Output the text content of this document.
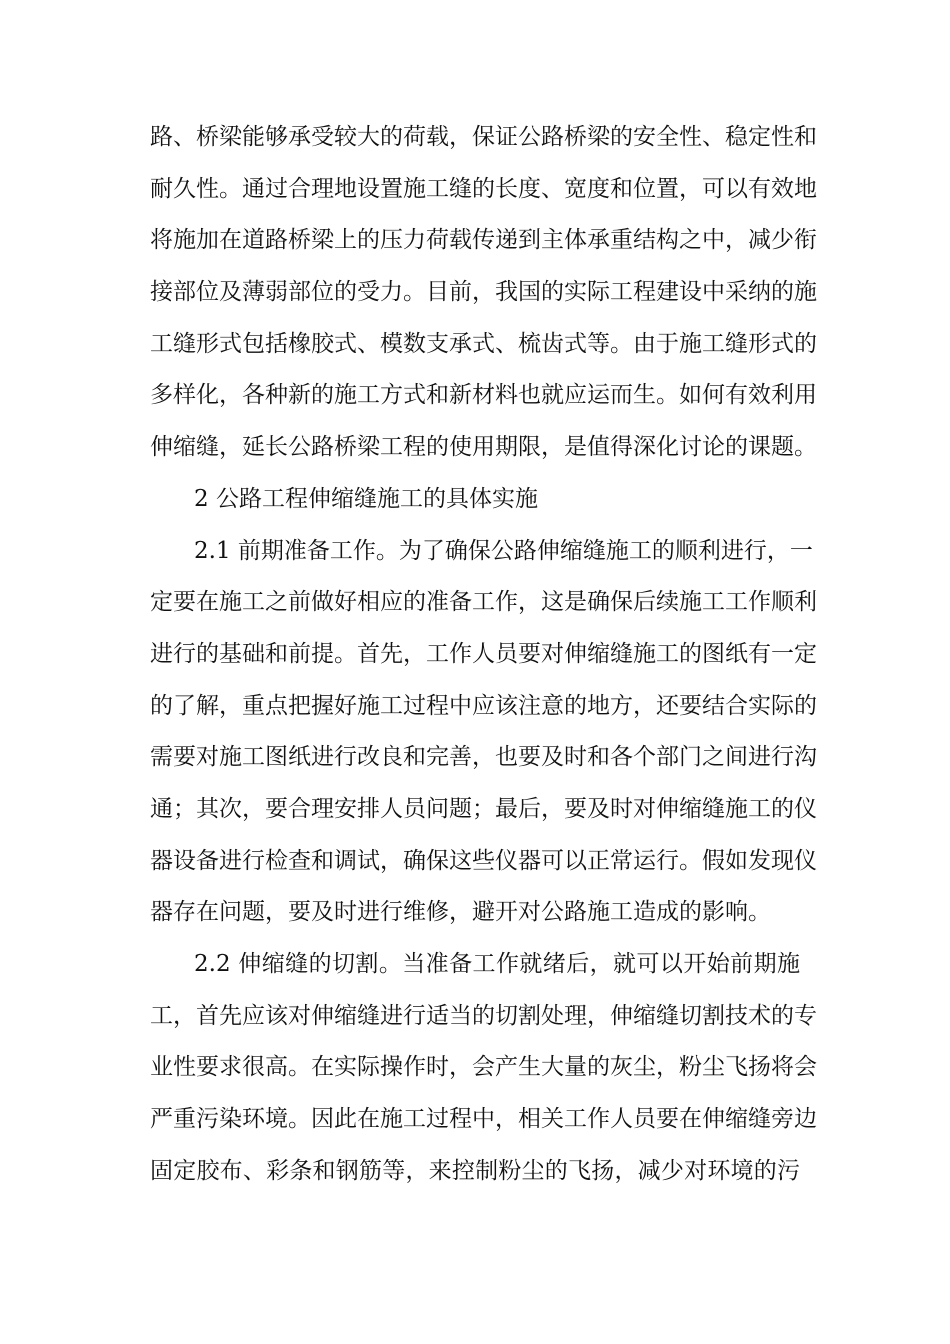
路、桥梁能够承受较大的荷载，保证公路桥梁的安全性、稳定性和
耐久性。通过合理地设置施工缝的长度、宽度和位置，可以有效地
将施加在道路桥梁上的压力荷载传递到主体承重结构之中，减少衔
接部位及薄弱部位的受力。目前，我国的实际工程建设中采纳的施
工缝形式包括橡胶式、模数支承式、梳齿式等。由于施工缝形式的
多样化，各种新的施工方式和新材料也就应运而生。如何有效利用
伸缩缝，延长公路桥梁工程的使用期限，是值得深化讨论的课题。
2 公路工程伸缩缝施工的具体实施
2.1 前期准备工作。为了确保公路伸缩缝施工的顺利进行，一
定要在施工之前做好相应的准备工作，这是确保后续施工工作顺利
进行的基础和前提。首先，工作人员要对伸缩缝施工的图纸有一定
的了解，重点把握好施工过程中应该注意的地方，还要结合实际的
需要对施工图纸进行改良和完善，也要及时和各个部门之间进行沟
通；其次，要合理安排人员问题；最后，要及时对伸缩缝施工的仪
器设备进行检查和调试，确保这些仪器可以正常运行。假如发现仪
器存在问题，要及时进行维修，避开对公路施工造成的影响。
2.2 伸缩缝的切割。当准备工作就绪后，就可以开始前期施
工，首先应该对伸缩缝进行适当的切割处理，伸缩缝切割技术的专
业性要求很高。在实际操作时，会产生大量的灰尘，粉尘飞扬将会
严重污染环境。因此在施工过程中，相关工作人员要在伸缩缝旁边
固定胶布、彩条和钢筋等，来控制粉尘的飞扬，减少对环境的污
